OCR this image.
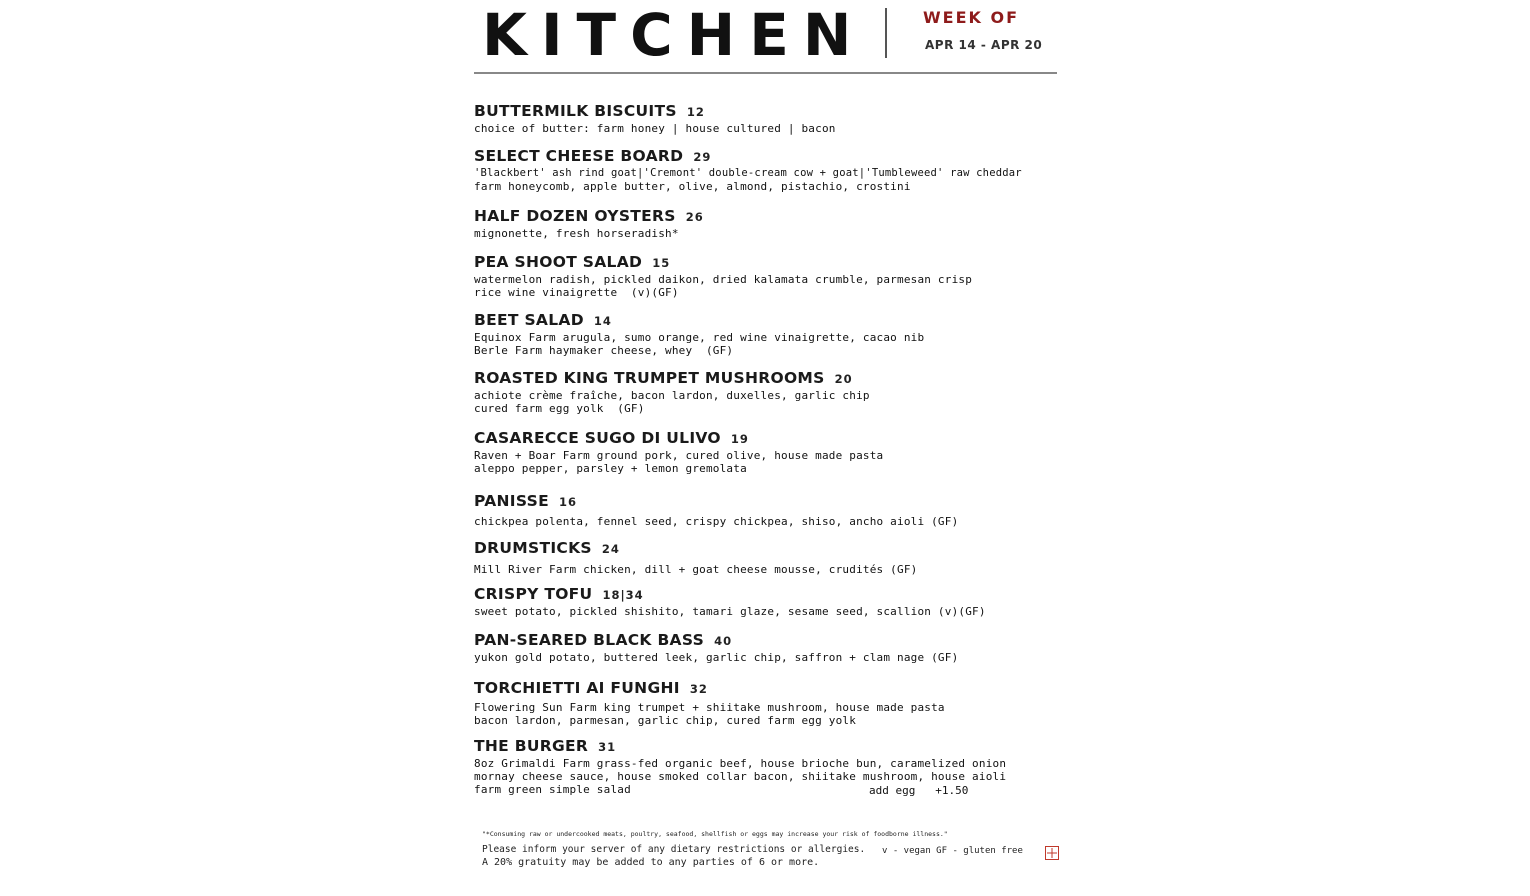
KITCHEN	WEEK OF
APR 14 - APR 20
BUTTERMILK BISCUITS 12
choice of butter: farm honey | house cultured | bacon
SELECT CHEESE BOARD 29
'Blackbert' ash rind goat|'Cremont' double-cream cow + goat|'Tumbleweed' raw cheddar
farm honeycomb, apple butter, olive, almond, pistachio, crostini
HALF DOZEN OYSTERS 26
mignonette, fresh horseradish*
PEA SHOOT SALAD 15
watermelon radish, pickled daikon, dried kalamata crumble, parmesan crisp
rice wine vinaigrette  (v)(GF)
BEET SALAD 14
Equinox Farm arugula, sumo orange, red wine vinaigrette, cacao nib
Berle Farm haymaker cheese, whey  (GF)
ROASTED KING TRUMPET MUSHROOMS 20
achiote crème fraîche, bacon lardon, duxelles, garlic chip
cured farm egg yolk  (GF)
CASARECCE SUGO DI ULIVO 19
Raven + Boar Farm ground pork, cured olive, house made pasta
aleppo pepper, parsley + lemon gremolata
PANISSE 16
chickpea polenta, fennel seed, crispy chickpea, shiso, ancho aioli (GF)
DRUMSTICKS 24
Mill River Farm chicken, dill + goat cheese mousse, crudités (GF)
CRISPY TOFU 18|34
sweet potato, pickled shishito, tamari glaze, sesame seed, scallion (v)(GF)
PAN-SEARED BLACK BASS 40
yukon gold potato, buttered leek, garlic chip, saffron + clam nage (GF)
TORCHIETTI AI FUNGHI 32
Flowering Sun Farm king trumpet + shiitake mushroom, house made pasta
bacon lardon, parmesan, garlic chip, cured farm egg yolk
THE BURGER 31
8oz Grimaldi Farm grass-fed organic beef, house brioche bun, caramelized onion
mornay cheese sauce, house smoked collar bacon, shiitake mushroom, house aioli
farm green simple salad	add egg   +1.50
"*Consuming raw or undercooked meats, poultry, seafood, shellfish or eggs may increase your risk of foodborne illness."
Please inform your server of any dietary restrictions or allergies.
A 20% gratuity may be added to any parties of 6 or more.
v - vegan GF - gluten free
